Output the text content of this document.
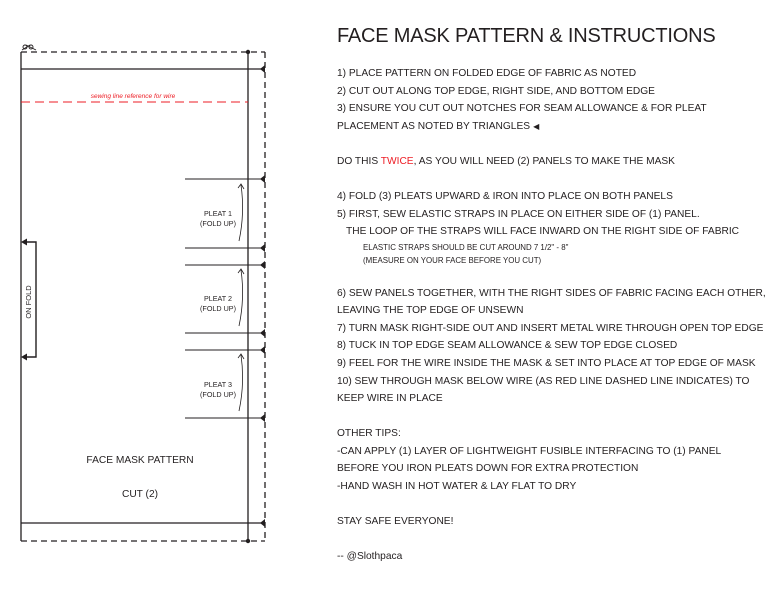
sewing line reference for wire
PLEAT 1
(FOLD UP)
PLEAT 2
(FOLD UP)
PLEAT 3
(FOLD UP)
ON FOLD
FACE MASK PATTERN
CUT (2)
FACE MASK PATTERN & INSTRUCTIONS
1) PLACE PATTERN ON FOLDED EDGE OF FABRIC AS NOTED
2) CUT OUT ALONG TOP EDGE, RIGHT SIDE, AND BOTTOM EDGE
3) ENSURE YOU CUT OUT NOTCHES FOR SEAM ALLOWANCE & FOR PLEAT
PLACEMENT AS NOTED BY TRIANGLES ◀
DO THIS TWICE, AS YOU WILL NEED (2) PANELS TO MAKE THE MASK
4) FOLD (3) PLEATS UPWARD & IRON INTO PLACE ON BOTH PANELS
5) FIRST, SEW ELASTIC STRAPS IN PLACE ON EITHER SIDE OF (1) PANEL.
THE LOOP OF THE STRAPS WILL FACE INWARD ON THE RIGHT SIDE OF FABRIC
ELASTIC STRAPS SHOULD BE CUT AROUND 7 1/2" - 8"
(MEASURE ON YOUR FACE BEFORE YOU CUT)
6) SEW PANELS TOGETHER, WITH THE RIGHT SIDES OF FABRIC FACING EACH OTHER,
LEAVING THE TOP EDGE OF UNSEWN
7) TURN MASK RIGHT-SIDE OUT AND INSERT METAL WIRE THROUGH OPEN TOP EDGE
8) TUCK IN TOP EDGE SEAM ALLOWANCE & SEW TOP EDGE CLOSED
9) FEEL FOR THE WIRE INSIDE THE MASK & SET INTO PLACE AT TOP EDGE OF MASK
10) SEW THROUGH MASK BELOW WIRE (AS RED LINE DASHED LINE INDICATES) TO
KEEP WIRE IN PLACE
OTHER TIPS:
-CAN APPLY (1) LAYER OF LIGHTWEIGHT FUSIBLE INTERFACING TO (1) PANEL
BEFORE YOU IRON PLEATS DOWN FOR EXTRA PROTECTION
-HAND WASH IN HOT WATER & LAY FLAT TO DRY
STAY SAFE EVERYONE!
-- @Slothpaca
